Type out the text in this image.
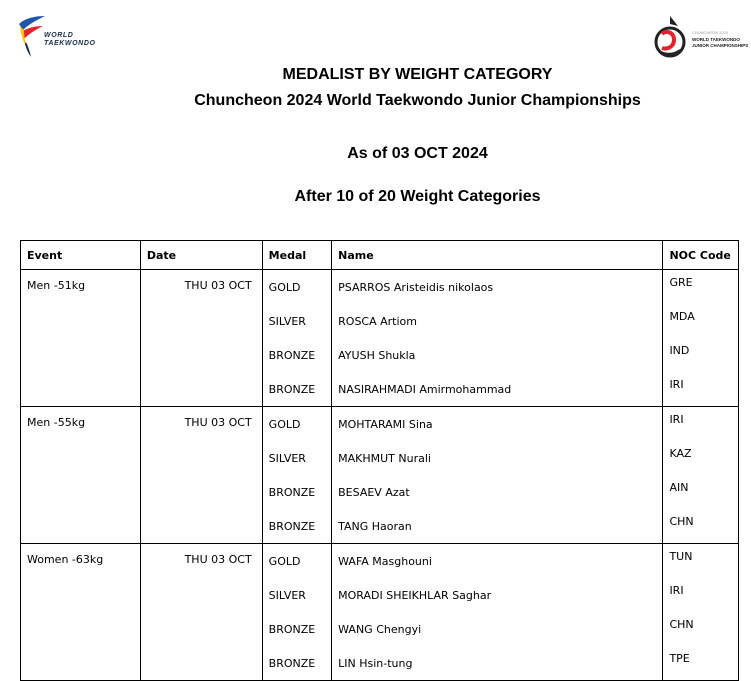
WORLD
TAEKWONDO
CHUNCHEON 2024
WORLD TAEKWONDO
JUNIOR CHAMPIONSHIPS
MEDALIST BY WEIGHT CATEGORY
Chuncheon 2024 World Taekwondo Junior Championships
As of 03 OCT 2024
After 10 of 20 Weight Categories
Event	Date	Medal	Name	NOC Code
Men -51kg	THU 03 OCT	GOLD	PSARROS Aristeidis nikolaos	GRE
		SILVER	ROSCA Artiom	MDA
		BRONZE	AYUSH Shukla	IND
		BRONZE	NASIRAHMADI Amirmohammad	IRI
Men -55kg	THU 03 OCT	GOLD	MOHTARAMI Sina	IRI
		SILVER	MAKHMUT Nurali	KAZ
		BRONZE	BESAEV Azat	AIN
		BRONZE	TANG Haoran	CHN
Women -63kg	THU 03 OCT	GOLD	WAFA Masghouni	TUN
		SILVER	MORADI SHEIKHLAR Saghar	IRI
		BRONZE	WANG Chengyi	CHN
		BRONZE	LIN Hsin-tung	TPE
